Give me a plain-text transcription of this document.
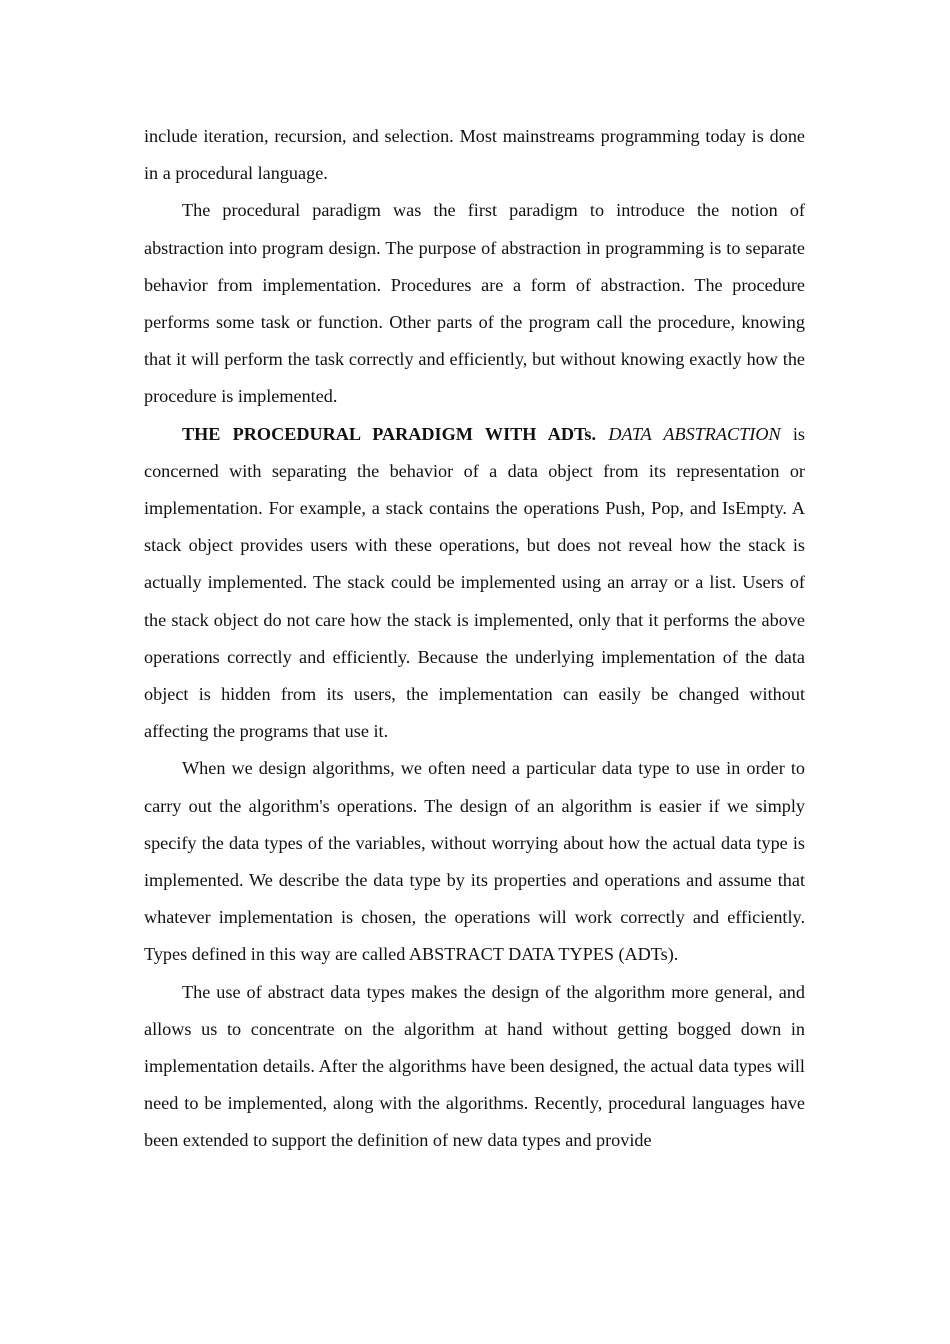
include iteration, recursion, and selection. Most mainstreams programming today is done in a procedural language.

The procedural paradigm was the first paradigm to introduce the notion of abstraction into program design. The purpose of abstraction in programming is to separate behavior from implementation. Procedures are a form of abstraction. The procedure performs some task or function. Other parts of the program call the procedure, knowing that it will perform the task correctly and efficiently, but without knowing exactly how the procedure is implemented.

THE PROCEDURAL PARADIGM WITH ADTs. DATA ABSTRACTION is concerned with separating the behavior of a data object from its representation or implementation. For example, a stack contains the operations Push, Pop, and IsEmpty. A stack object provides users with these operations, but does not reveal how the stack is actually implemented. The stack could be implemented using an array or a list. Users of the stack object do not care how the stack is implemented, only that it performs the above operations correctly and efficiently. Because the underlying implementation of the data object is hidden from its users, the implementation can easily be changed without affecting the programs that use it.

When we design algorithms, we often need a particular data type to use in order to carry out the algorithm's operations. The design of an algorithm is easier if we simply specify the data types of the variables, without worrying about how the actual data type is implemented. We describe the data type by its properties and operations and assume that whatever implementation is chosen, the operations will work correctly and efficiently. Types defined in this way are called ABSTRACT DATA TYPES (ADTs).

The use of abstract data types makes the design of the algorithm more general, and allows us to concentrate on the algorithm at hand without getting bogged down in implementation details. After the algorithms have been designed, the actual data types will need to be implemented, along with the algorithms. Recently, procedural languages have been extended to support the definition of new data types and provide
